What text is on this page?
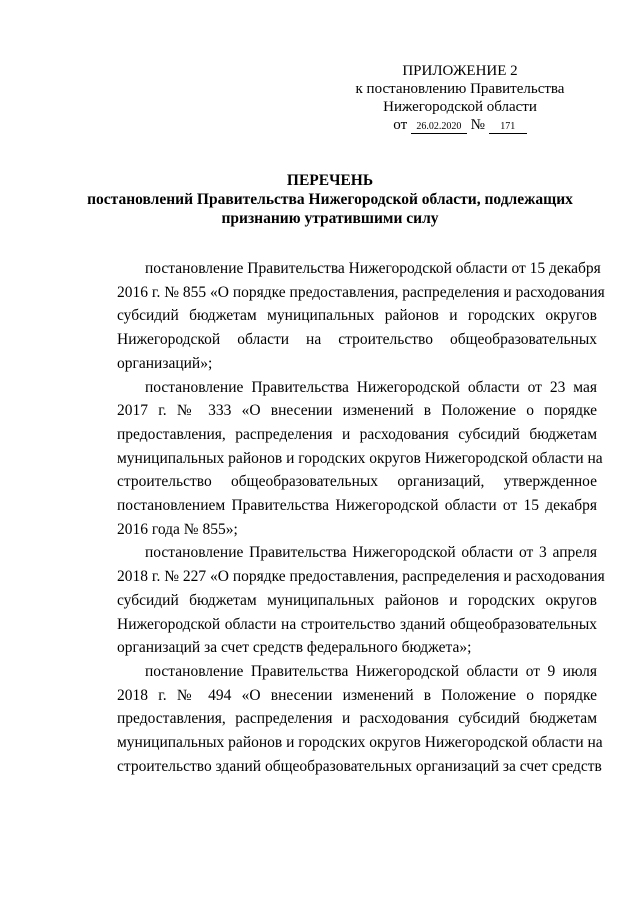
ПРИЛОЖЕНИЕ 2
к постановлению Правительства
Нижегородской области
от 26.02.2020 № 171
ПЕРЕЧЕНЬ
постановлений Правительства Нижегородской области, подлежащих
признанию утратившими силу
постановление Правительства Нижегородской области от 15 декабря
2016 г. № 855 «О порядке предоставления, распределения и расходования
субсидий бюджетам муниципальных районов и городских округов
Нижегородской области на строительство общеобразовательных
организаций»;
постановление Правительства Нижегородской области от 23 мая
2017 г. № 333 «О внесении изменений в Положение о порядке
предоставления, распределения и расходования субсидий бюджетам
муниципальных районов и городских округов Нижегородской области на
строительство общеобразовательных организаций, утвержденное
постановлением Правительства Нижегородской области от 15 декабря
2016 года № 855»;
постановление Правительства Нижегородской области от 3 апреля
2018 г. № 227 «О порядке предоставления, распределения и расходования
субсидий бюджетам муниципальных районов и городских округов
Нижегородской области на строительство зданий общеобразовательных
организаций за счет средств федерального бюджета»;
постановление Правительства Нижегородской области от 9 июля
2018 г. № 494 «О внесении изменений в Положение о порядке
предоставления, распределения и расходования субсидий бюджетам
муниципальных районов и городских округов Нижегородской области на
строительство зданий общеобразовательных организаций за счет средств
